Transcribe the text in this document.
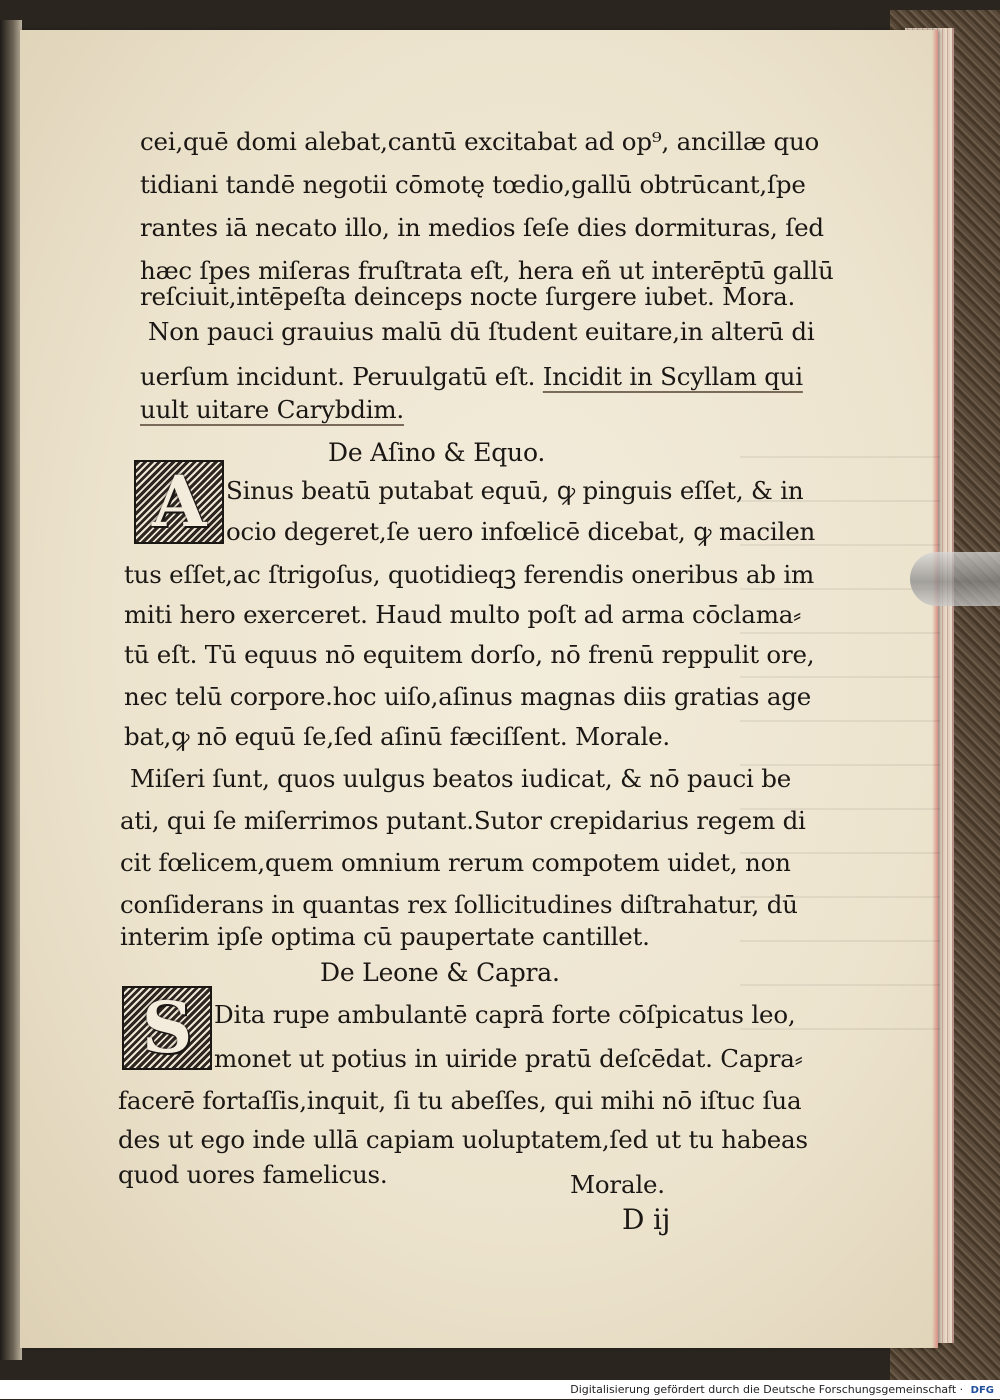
cei,quē domi alebat,cantū excitabat ad op⁹, ancillæ quo
tidiani tandē negotii cōmotę tœdio,gallū obtrūcant,ſpe
rantes iā necato illo, in medios ſeſe dies dormituras, ſed
hæc ſpes miſeras fruſtrata eſt, hera eñ ut interēptū gallū
reſciuit,intēpeſta deinceps nocte ſurgere iubet. Mora.
Non pauci grauius malū dū ſtudent euitare,in alterū di
uerſum incidunt. Peruulgatū eſt. Incidit in Scyllam qui
uult uitare Carybdim.
De Aſino & Equo.
A Sinus beatū putabat equū, ꝙ pinguis eſſet, & in
ocio degeret,ſe uero infœlicē dicebat, ꝙ macilen
tus eſſet,ac ſtrigoſus, quotidieqꝫ ferendis oneribus ab im
miti hero exerceret. Haud multo poſt ad arma cōclama⸗
tū eſt. Tū equus nō equitem dorſo, nō frenū reppulit ore,
nec telū corpore.hoc uiſo,aſinus magnas diis gratias age
bat,ꝙ nō equū ſe,ſed aſinū fæciſſent. Morale.
Miſeri ſunt, quos uulgus beatos iudicat, & nō pauci be
ati, qui ſe miſerrimos putant.Sutor crepidarius regem di
cit fœlicem,quem omnium rerum compotem uidet, non
conſiderans in quantas rex ſollicitudines diſtrahatur, dū
interim ipſe optima cū paupertate cantillet.
De Leone & Capra.
S Dita rupe ambulantē caprā forte cōſpicatus leo,
monet ut potius in uiride pratū deſcēdat. Capra⸗
facerē fortaſſis,inquit, ſi tu abeſſes, qui mihi nō iſtuc ſua
des ut ego inde ullā capiam uoluptatem,ſed ut tu habeas
quod uores famelicus.	Morale.
D ij
Digitalisierung gefördert durch die Deutsche Forschungsgemeinschaft · DFG
